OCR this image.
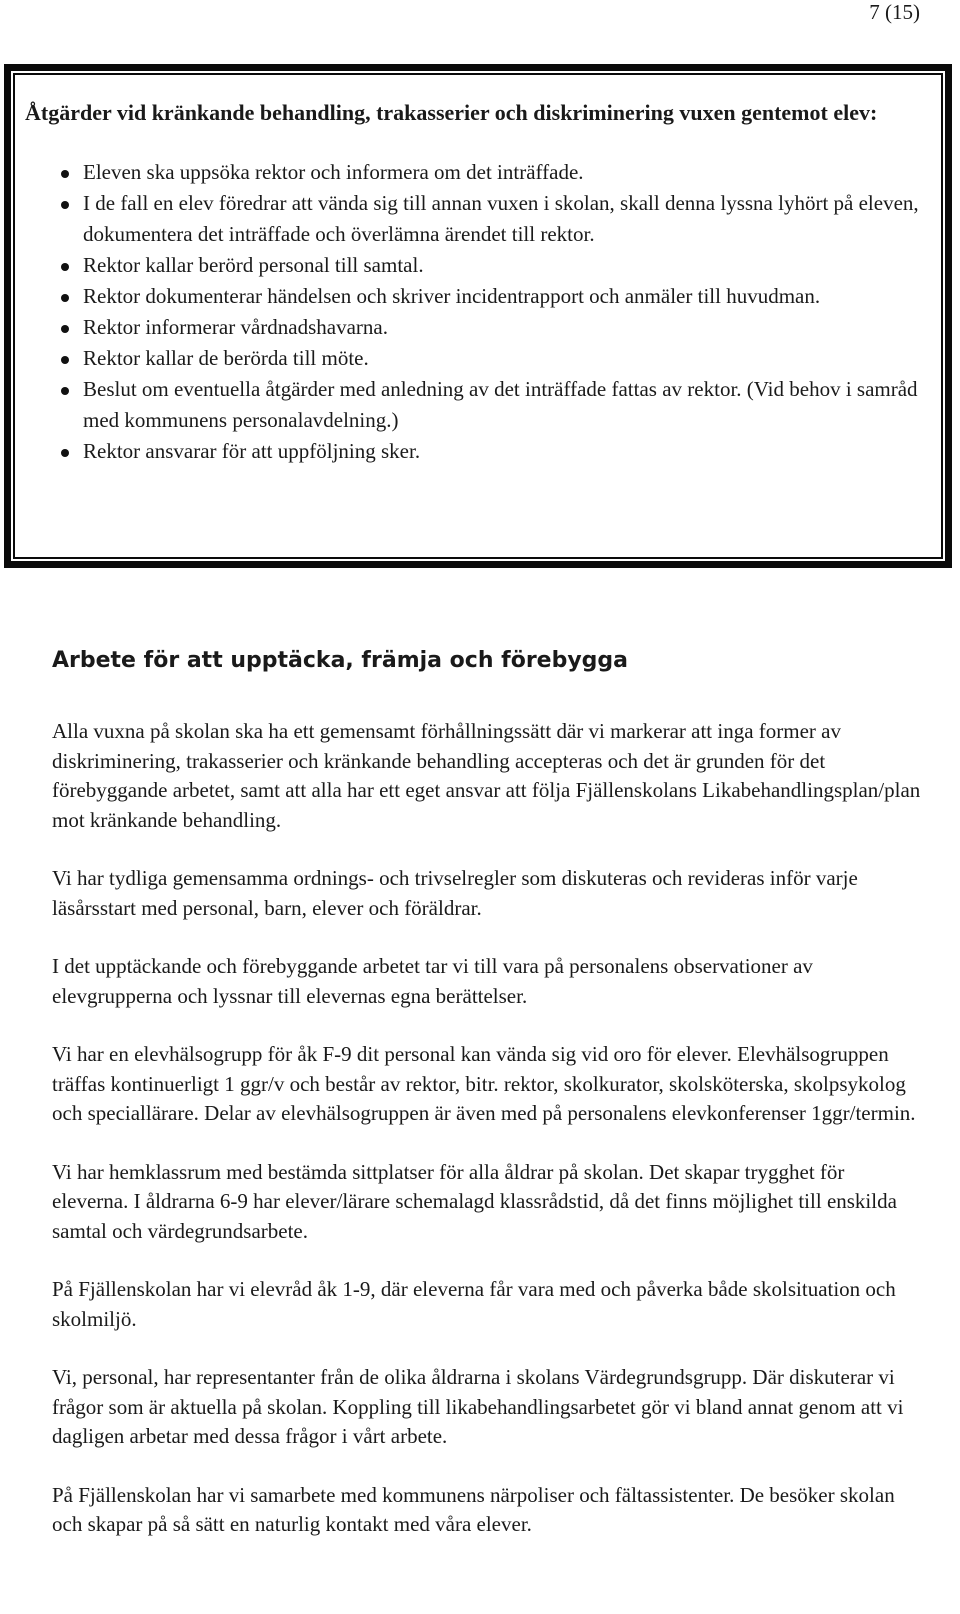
7 (15)
Åtgärder vid kränkande behandling, trakasserier och diskriminering vuxen gentemot elev:
Eleven ska uppsöka rektor och informera om det inträffade.
I de fall en elev föredrar att vända sig till annan vuxen i skolan, skall denna lyssna lyhört på eleven, dokumentera det inträffade och överlämna ärendet till rektor.
Rektor kallar berörd personal till samtal.
Rektor dokumenterar händelsen och skriver incidentrapport och anmäler till huvudman.
Rektor informerar vårdnadshavarna.
Rektor kallar de berörda till möte.
Beslut om eventuella åtgärder med anledning av det inträffade fattas av rektor. (Vid behov i samråd med kommunens personalavdelning.)
Rektor ansvarar för att uppföljning sker.
Arbete för att upptäcka, främja och förebygga

Alla vuxna på skolan ska ha ett gemensamt förhållningssätt där vi markerar att inga former av diskriminering, trakasserier och kränkande behandling accepteras och det är grunden för det förebyggande arbetet, samt att alla har ett eget ansvar att följa Fjällenskolans Likabehandlingsplan/plan mot kränkande behandling.

Vi har tydliga gemensamma ordnings- och trivselregler som diskuteras och revideras inför varje läsårsstart med personal, barn, elever och föräldrar.

I det upptäckande och förebyggande arbetet tar vi till vara på personalens observationer av elevgrupperna och lyssnar till elevernas egna berättelser.

Vi har en elevhälsogrupp för åk F-9 dit personal kan vända sig vid oro för elever. Elevhälsogruppen träffas kontinuerligt 1 ggr/v och består av rektor, bitr. rektor, skolkurator, skolsköterska, skolpsykolog och speciallärare. Delar av elevhälsogruppen är även med på personalens elevkonferenser 1ggr/termin.

Vi har hemklassrum med bestämda sittplatser för alla åldrar på skolan. Det skapar trygghet för eleverna. I åldrarna 6-9 har elever/lärare schemalagd klassrådstid, då det finns möjlighet till enskilda samtal och värdegrundsarbete.

På Fjällenskolan har vi elevråd åk 1-9, där eleverna får vara med och påverka både skolsituation och skolmiljö.

Vi, personal, har representanter från de olika åldrarna i skolans Värdegrundsgrupp. Där diskuterar vi frågor som är aktuella på skolan. Koppling till likabehandlingsarbetet gör vi bland annat genom att vi dagligen arbetar med dessa frågor i vårt arbete.

På Fjällenskolan har vi samarbete med kommunens närpoliser och fältassistenter. De besöker skolan och skapar på så sätt en naturlig kontakt med våra elever.
